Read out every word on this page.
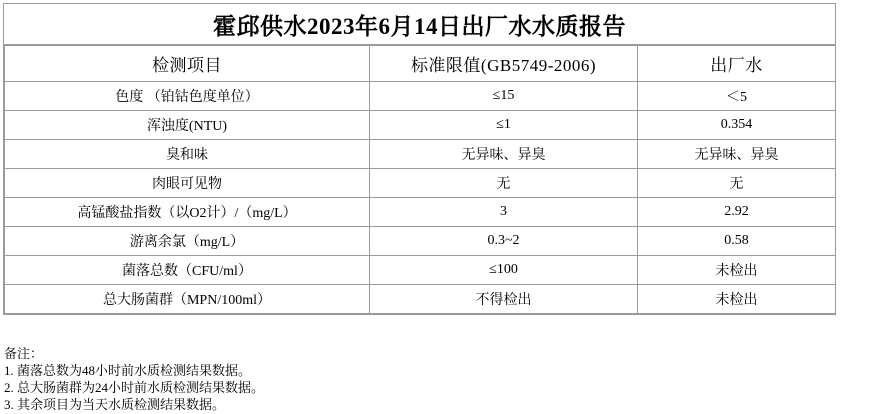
霍邱供水2023年6月14日出厂水水质报告
检测项目	标准限值(GB5749-2006)	出厂水
色度 （铂钴色度单位）	≤15	＜5
浑浊度(NTU)	≤1	0.354
臭和味	无异味、异臭	无异味、异臭
肉眼可见物	无	无
高锰酸盐指数（以O2计）/（mg/L）	3	2.92
游离余氯（mg/L）	0.3~2	0.58
菌落总数（CFU/ml）	≤100	未检出
总大肠菌群（MPN/100ml）	不得检出	未检出
备注：
1. 菌落总数为48小时前水质检测结果数据。
2. 总大肠菌群为24小时前水质检测结果数据。
3. 其余项目为当天水质检测结果数据。
